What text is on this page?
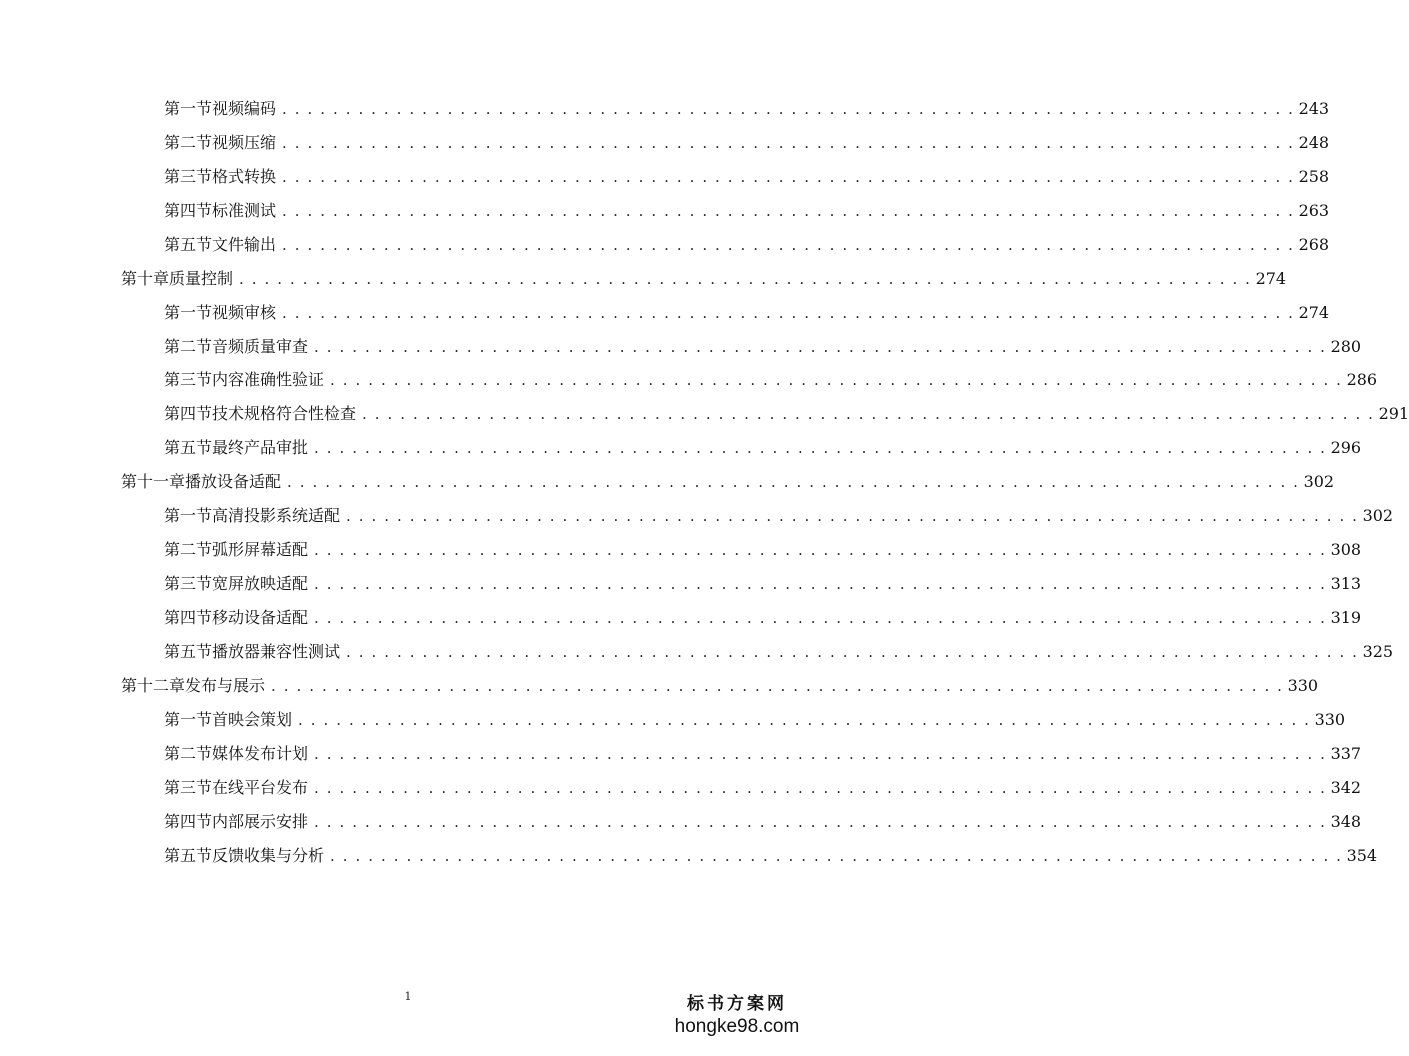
第一节 视频编码 . . . . . . . . . . . . . . . . . . . . . . . . . . . . . . . . . . . . . . . . . . . . . . . . . . . . . . . . . . . . . . . . . . . . . . . . . . . . . . . . 243
第二节 视频压缩 . . . . . . . . . . . . . . . . . . . . . . . . . . . . . . . . . . . . . . . . . . . . . . . . . . . . . . . . . . . . . . . . . . . . . . . . . . . . . . . . 248
第三节 格式转换 . . . . . . . . . . . . . . . . . . . . . . . . . . . . . . . . . . . . . . . . . . . . . . . . . . . . . . . . . . . . . . . . . . . . . . . . . . . . . . . . 258
第四节 标准测试 . . . . . . . . . . . . . . . . . . . . . . . . . . . . . . . . . . . . . . . . . . . . . . . . . . . . . . . . . . . . . . . . . . . . . . . . . . . . . . . . 263
第五节 文件输出 . . . . . . . . . . . . . . . . . . . . . . . . . . . . . . . . . . . . . . . . . . . . . . . . . . . . . . . . . . . . . . . . . . . . . . . . . . . . . . . . 268
第十章 质量控制 . . . . . . . . . . . . . . . . . . . . . . . . . . . . . . . . . . . . . . . . . . . . . . . . . . . . . . . . . . . . . . . . . . . . . . . . . . . . . . . . 274
第一节 视频审核 . . . . . . . . . . . . . . . . . . . . . . . . . . . . . . . . . . . . . . . . . . . . . . . . . . . . . . . . . . . . . . . . . . . . . . . . . . . . . . . . 274
第二节 音频质量审查 . . . . . . . . . . . . . . . . . . . . . . . . . . . . . . . . . . . . . . . . . . . . . . . . . . . . . . . . . . . . . . . . . . . . . . . . . . . . . . . . 280
第三节 内容准确性验证 . . . . . . . . . . . . . . . . . . . . . . . . . . . . . . . . . . . . . . . . . . . . . . . . . . . . . . . . . . . . . . . . . . . . . . . . . . . . . . . . 286
第四节 技术规格符合性检查 . . . . . . . . . . . . . . . . . . . . . . . . . . . . . . . . . . . . . . . . . . . . . . . . . . . . . . . . . . . . . . . . . . . . . . . . . . . . . . . . 291
第五节 最终产品审批 . . . . . . . . . . . . . . . . . . . . . . . . . . . . . . . . . . . . . . . . . . . . . . . . . . . . . . . . . . . . . . . . . . . . . . . . . . . . . . . . 296
第十一章 播放设备适配 . . . . . . . . . . . . . . . . . . . . . . . . . . . . . . . . . . . . . . . . . . . . . . . . . . . . . . . . . . . . . . . . . . . . . . . . . . . . . . . . 302
第一节 高清投影系统适配 . . . . . . . . . . . . . . . . . . . . . . . . . . . . . . . . . . . . . . . . . . . . . . . . . . . . . . . . . . . . . . . . . . . . . . . . . . . . . . . . 302
第二节 弧形屏幕适配 . . . . . . . . . . . . . . . . . . . . . . . . . . . . . . . . . . . . . . . . . . . . . . . . . . . . . . . . . . . . . . . . . . . . . . . . . . . . . . . . 308
第三节 宽屏放映适配 . . . . . . . . . . . . . . . . . . . . . . . . . . . . . . . . . . . . . . . . . . . . . . . . . . . . . . . . . . . . . . . . . . . . . . . . . . . . . . . . 313
第四节 移动设备适配 . . . . . . . . . . . . . . . . . . . . . . . . . . . . . . . . . . . . . . . . . . . . . . . . . . . . . . . . . . . . . . . . . . . . . . . . . . . . . . . . 319
第五节 播放器兼容性测试 . . . . . . . . . . . . . . . . . . . . . . . . . . . . . . . . . . . . . . . . . . . . . . . . . . . . . . . . . . . . . . . . . . . . . . . . . . . . . . . . 325
第十二章 发布与展示 . . . . . . . . . . . . . . . . . . . . . . . . . . . . . . . . . . . . . . . . . . . . . . . . . . . . . . . . . . . . . . . . . . . . . . . . . . . . . . . . 330
第一节 首映会策划 . . . . . . . . . . . . . . . . . . . . . . . . . . . . . . . . . . . . . . . . . . . . . . . . . . . . . . . . . . . . . . . . . . . . . . . . . . . . . . . . 330
第二节 媒体发布计划 . . . . . . . . . . . . . . . . . . . . . . . . . . . . . . . . . . . . . . . . . . . . . . . . . . . . . . . . . . . . . . . . . . . . . . . . . . . . . . . . 337
第三节 在线平台发布 . . . . . . . . . . . . . . . . . . . . . . . . . . . . . . . . . . . . . . . . . . . . . . . . . . . . . . . . . . . . . . . . . . . . . . . . . . . . . . . . 342
第四节 内部展示安排 . . . . . . . . . . . . . . . . . . . . . . . . . . . . . . . . . . . . . . . . . . . . . . . . . . . . . . . . . . . . . . . . . . . . . . . . . . . . . . . . 348
第五节 反馈收集与分析 . . . . . . . . . . . . . . . . . . . . . . . . . . . . . . . . . . . . . . . . . . . . . . . . . . . . . . . . . . . . . . . . . . . . . . . . . . . . . . . . 354
1	标书方案网
hongke98.com
